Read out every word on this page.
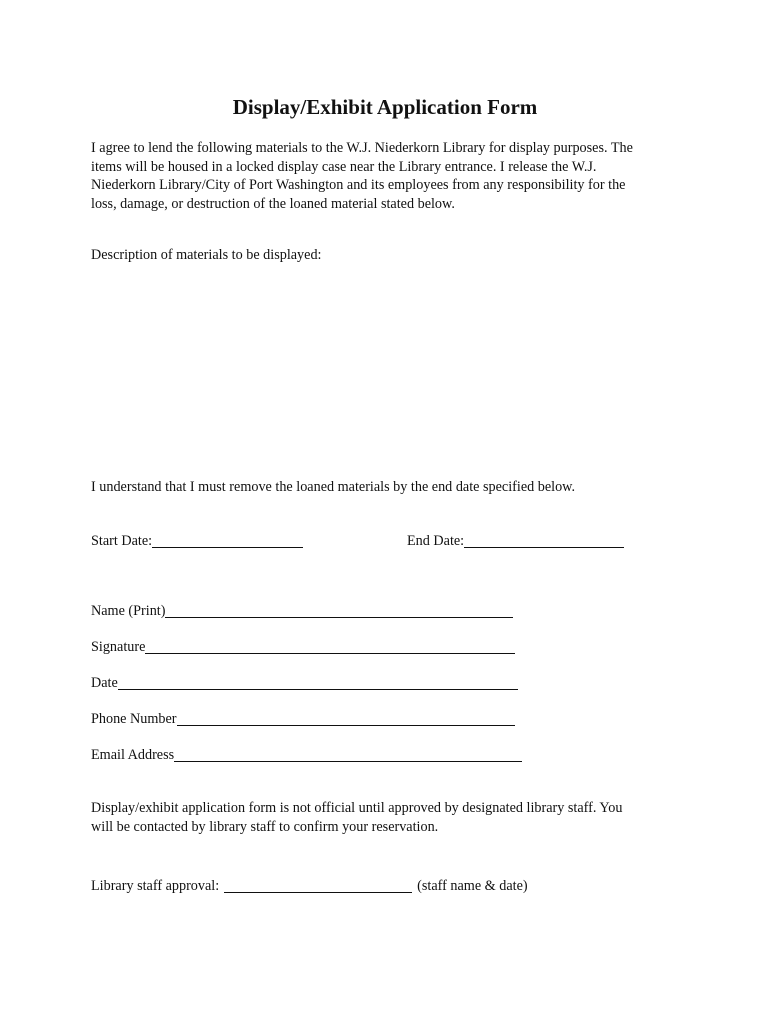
Display/Exhibit Application Form
I agree to lend the following materials to the W.J. Niederkorn Library for display purposes. The
items will be housed in a locked display case near the Library entrance. I release the W.J.
Niederkorn Library/City of Port Washington and its employees from any responsibility for the
loss, damage, or destruction of the loaned material stated below.
Description of materials to be displayed:
I understand that I must remove the loaned materials by the end date specified below.
Start Date:	End Date:
Name (Print)
Signature
Date
Phone Number
Email Address
Display/exhibit application form is not official until approved by designated library staff. You
will be contacted by library staff to confirm your reservation.
Library staff approval:	(staff name & date)
